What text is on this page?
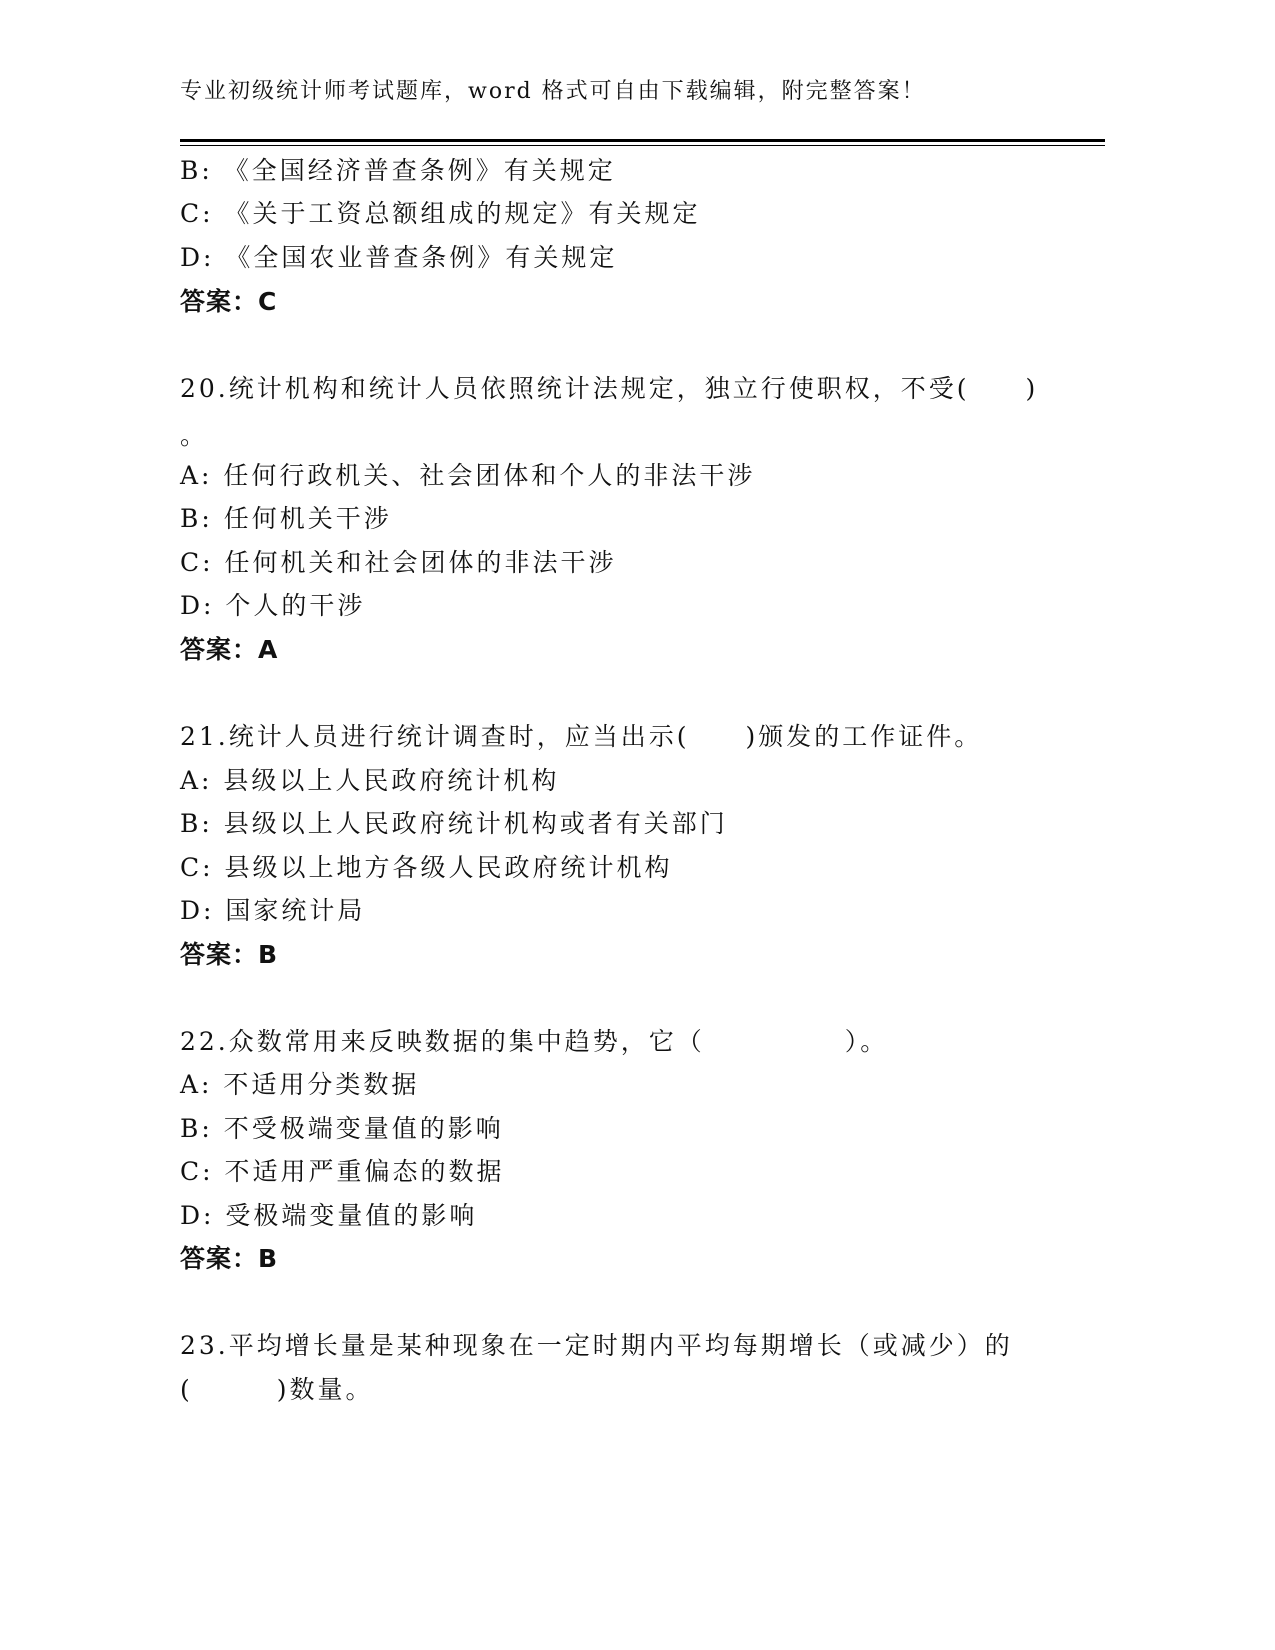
专业初级统计师考试题库，word 格式可自由下载编辑，附完整答案！
B: 《全国经济普查条例》有关规定
C: 《关于工资总额组成的规定》有关规定
D: 《全国农业普查条例》有关规定
答案：C
20.统计机构和统计人员依照统计法规定，独立行使职权，不受(　　)
。
A: 任何行政机关、社会团体和个人的非法干涉
B: 任何机关干涉
C: 任何机关和社会团体的非法干涉
D: 个人的干涉
答案：A
21.统计人员进行统计调查时，应当出示(　　)颁发的工作证件。
A: 县级以上人民政府统计机构
B: 县级以上人民政府统计机构或者有关部门
C: 县级以上地方各级人民政府统计机构
D: 国家统计局
答案：B
22.众数常用来反映数据的集中趋势，它（　　　　　）。
A: 不适用分类数据
B: 不受极端变量值的影响
C: 不适用严重偏态的数据
D: 受极端变量值的影响
答案：B
23.平均增长量是某种现象在一定时期内平均每期增长（或减少）的
(　　　)数量。
